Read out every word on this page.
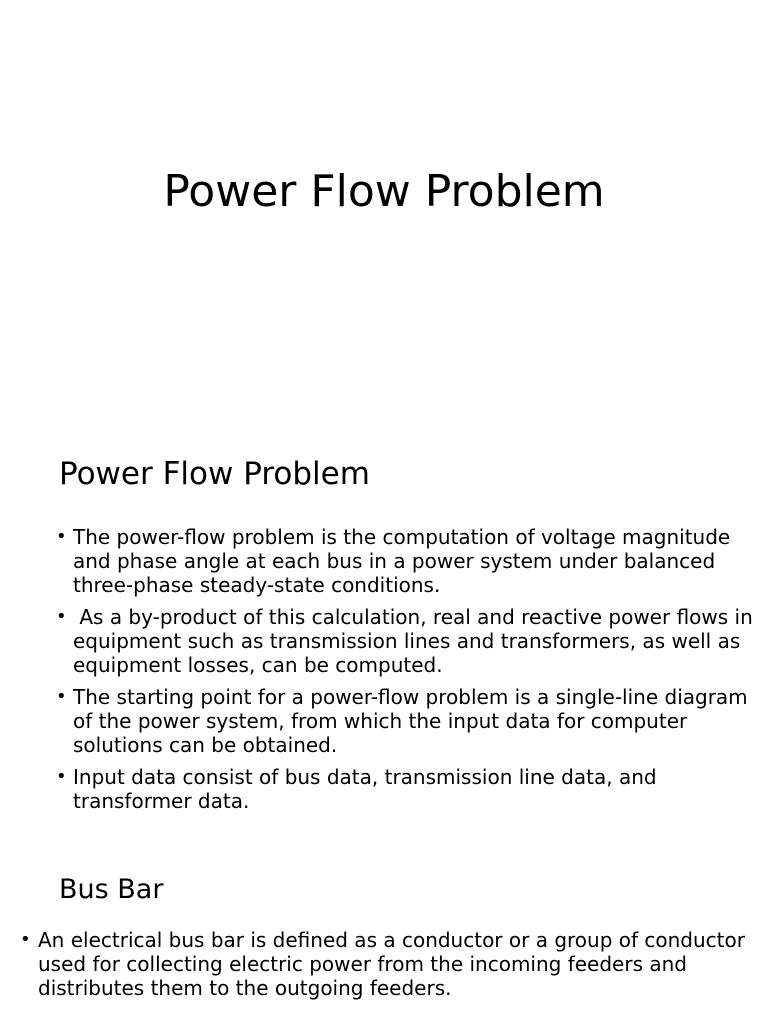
Power Flow Problem
Power Flow Problem
• The power-flow problem is the computation of voltage magnitude and phase angle at each bus in a power system under balanced three-phase steady-state conditions.
• As a by-product of this calculation, real and reactive power flows in equipment such as transmission lines and transformers, as well as equipment losses, can be computed.
• The starting point for a power-flow problem is a single-line diagram of the power system, from which the input data for computer solutions can be obtained.
• Input data consist of bus data, transmission line data, and transformer data.
Bus Bar
• An electrical bus bar is defined as a conductor or a group of conductor used for collecting electric power from the incoming feeders and distributes them to the outgoing feeders.
